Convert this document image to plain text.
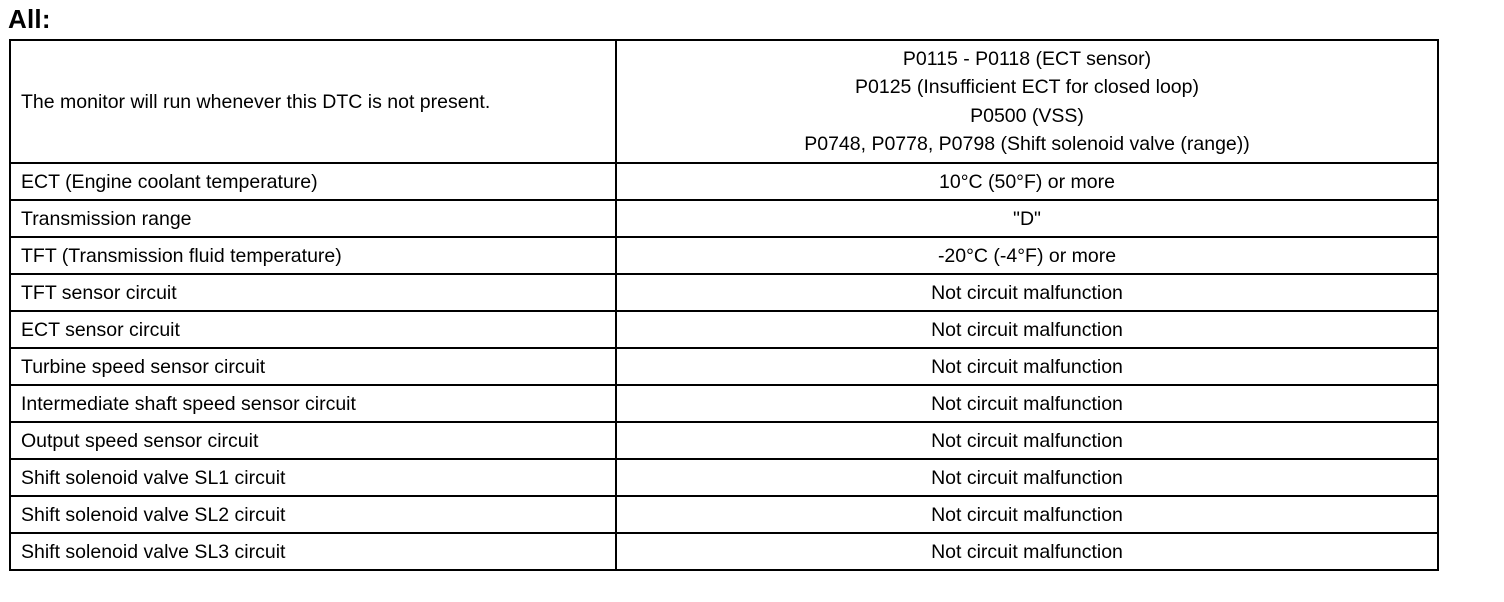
All:
The monitor will run whenever this DTC is not present.	P0115 - P0118 (ECT sensor)
P0125 (Insufficient ECT for closed loop)
P0500 (VSS)
P0748, P0778, P0798 (Shift solenoid valve (range))

ECT (Engine coolant temperature)	10°C (50°F) or more
Transmission range	"D"
TFT (Transmission fluid temperature)	-20°C (-4°F) or more
TFT sensor circuit	Not circuit malfunction
ECT sensor circuit	Not circuit malfunction
Turbine speed sensor circuit	Not circuit malfunction
Intermediate shaft speed sensor circuit	Not circuit malfunction
Output speed sensor circuit	Not circuit malfunction
Shift solenoid valve SL1 circuit	Not circuit malfunction
Shift solenoid valve SL2 circuit	Not circuit malfunction
Shift solenoid valve SL3 circuit	Not circuit malfunction
